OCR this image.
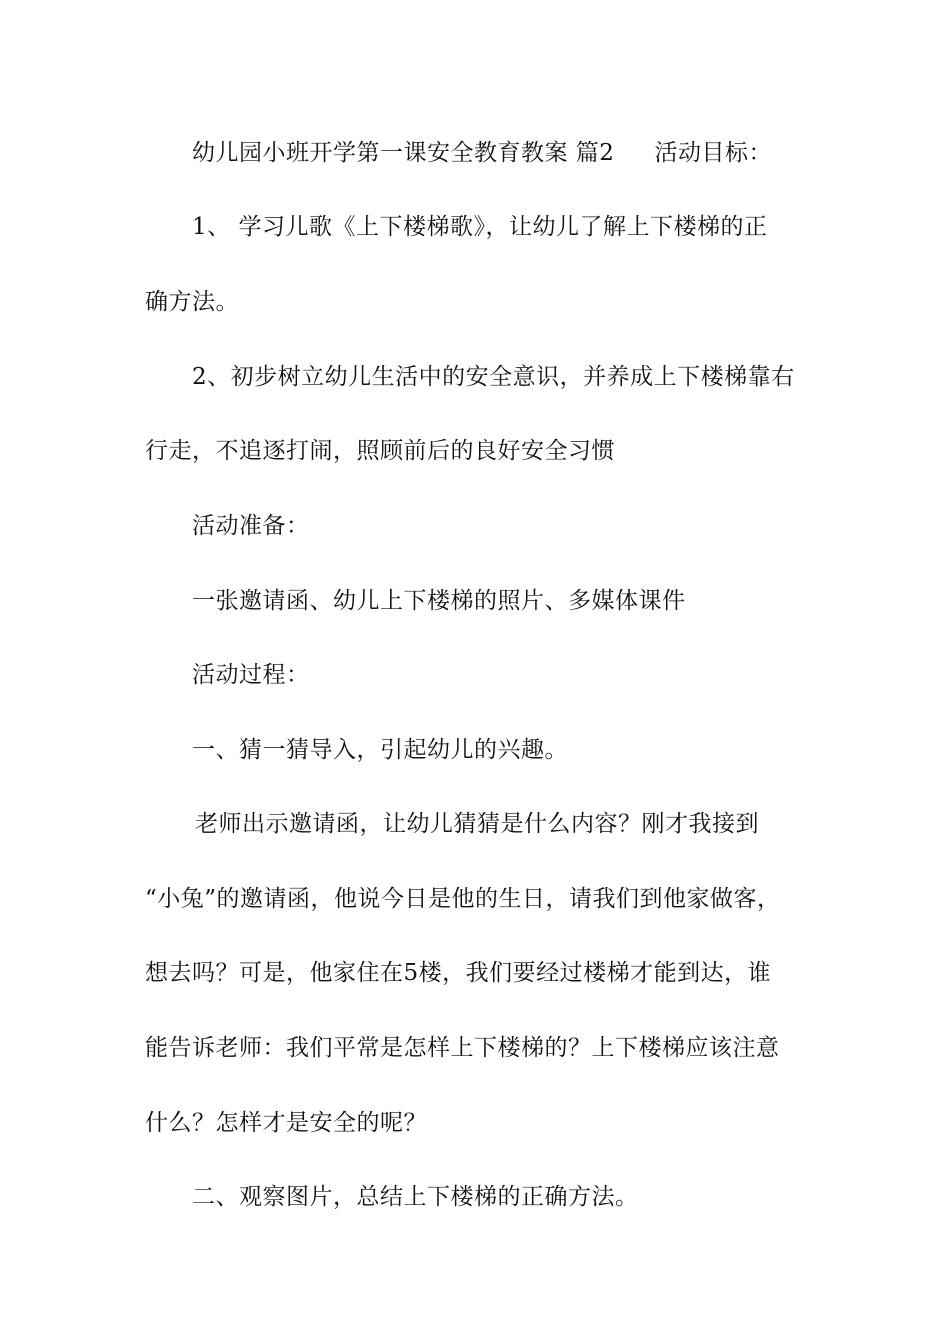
幼儿园小班开学第一课安全教育教案 篇2 活动目标：
1、 学习儿歌《上下楼梯歌》，让幼儿了解上下楼梯的正
确方法。
2、初步树立幼儿生活中的安全意识，并养成上下楼梯靠右
行走，不追逐打闹，照顾前后的良好安全习惯
活动准备：
一张邀请函、幼儿上下楼梯的照片、多媒体课件
活动过程：
一、猜一猜导入，引起幼儿的兴趣。
老师出示邀请函，让幼儿猜猜是什么内容？刚才我接到
“小兔”的邀请函，他说今日是他的生日，请我们到他家做客，
想去吗？可是，他家住在5楼，我们要经过楼梯才能到达，谁
能告诉老师：我们平常是怎样上下楼梯的？上下楼梯应该注意
什么？怎样才是安全的呢？
二、观察图片，总结上下楼梯的正确方法。
